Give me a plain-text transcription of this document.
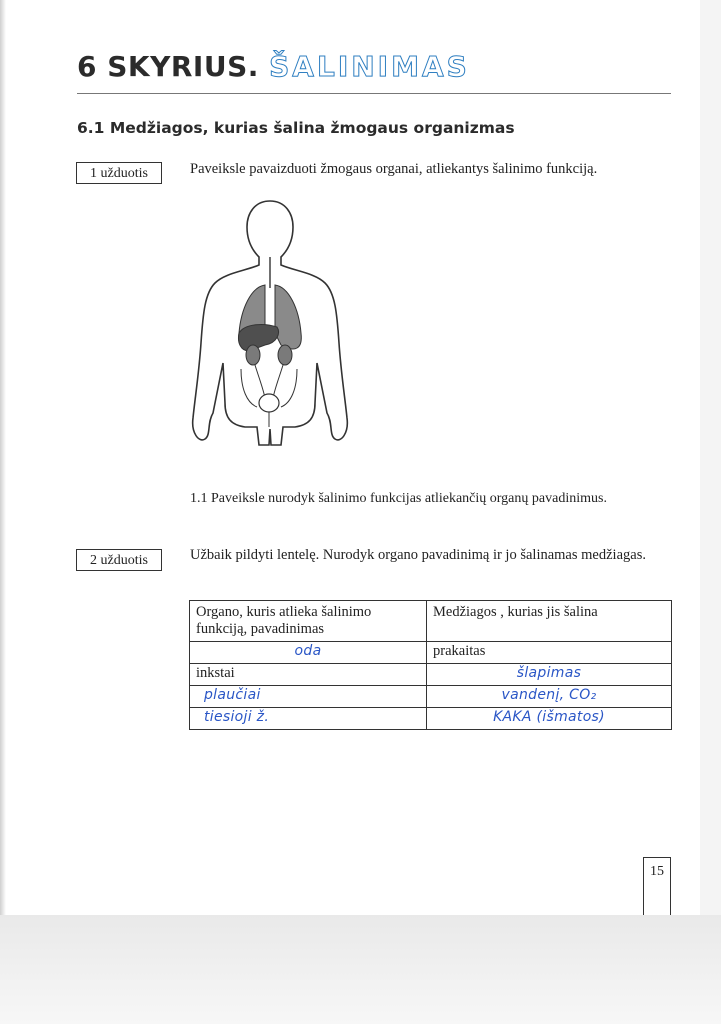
6 SKYRIUS. ŠALINIMAS
6.1 Medžiagos, kurias šalina žmogaus organizmas
1 užduotis	Paveiksle pavaizduoti žmogaus organai, atliekantys šalinimo funkciją.
1.1 Paveiksle nurodyk šalinimo funkcijas atliekančių organų pavadinimus.
2 užduotis	Užbaik pildyti lentelę. Nurodyk organo pavadinimą ir jo šalinamas medžiagas.
Organo, kuris atlieka šalinimo funkciją, pavadinimas	Medžiagos , kurias jis šalina

oda	prakaitas
inkstai	šlapimas

plaučiai	vandenį, CO₂

tiesioji ž.	KAKA (išmatos)
15
